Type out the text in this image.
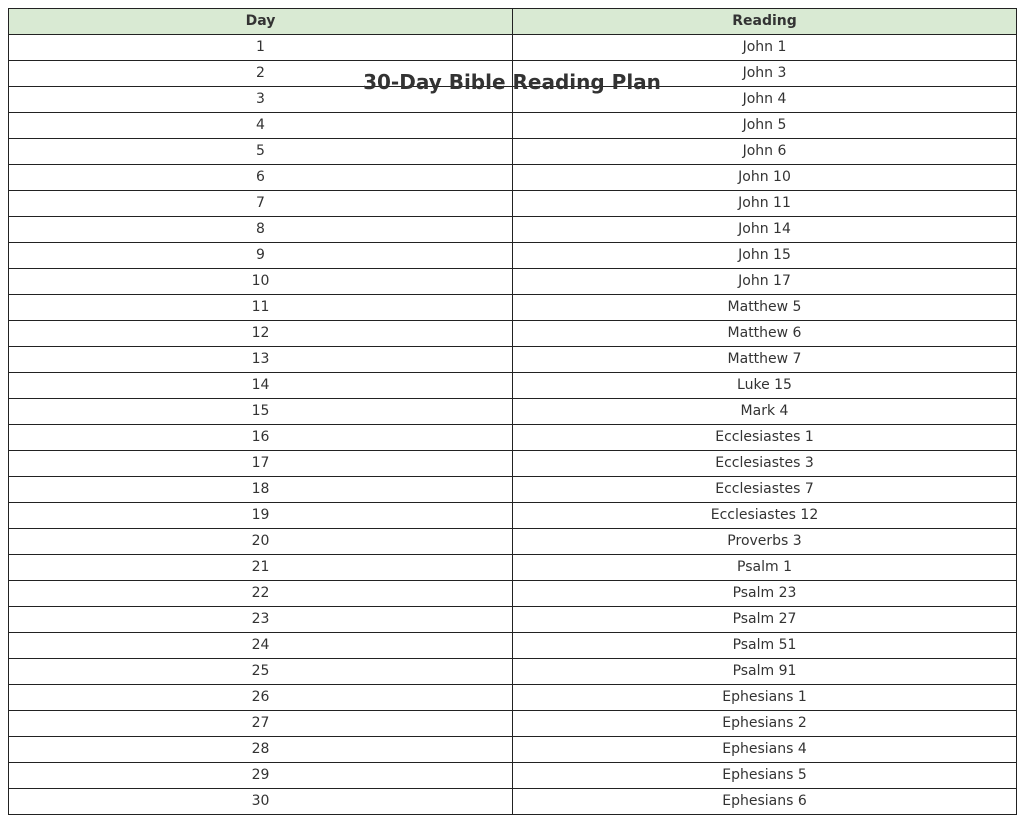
Day	Reading
1	John 1
2	John 3
3	John 4
4	John 5
5	John 6
6	John 10
7	John 11
8	John 14
9	John 15
10	John 17
11	Matthew 5
12	Matthew 6
13	Matthew 7
14	Luke 15
15	Mark 4
16	Ecclesiastes 1
17	Ecclesiastes 3
18	Ecclesiastes 7
19	Ecclesiastes 12
20	Proverbs 3
21	Psalm 1
22	Psalm 23
23	Psalm 27
24	Psalm 51
25	Psalm 91
26	Ephesians 1
27	Ephesians 2
28	Ephesians 4
29	Ephesians 5
30	Ephesians 6
30-Day Bible Reading Plan
